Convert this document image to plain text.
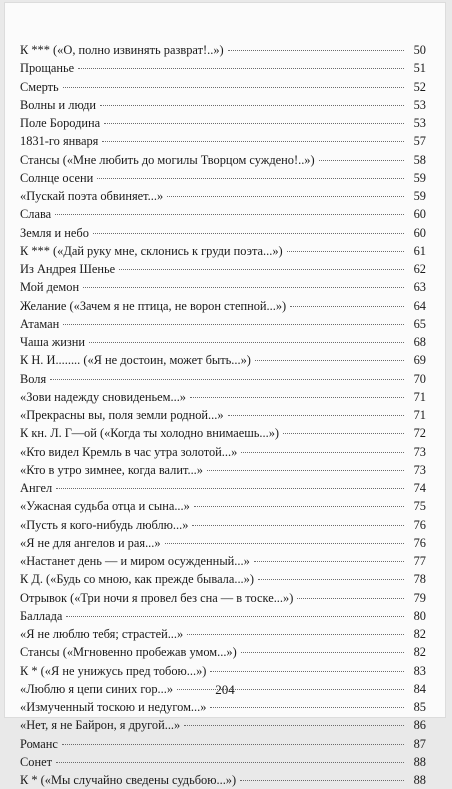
К *** («О, полно извинять разврат!..»)	50
Прощанье	51
Смерть	52
Волны и люди	53
Поле Бородина	53
1831-го января	57
Стансы («Мне любить до могилы Творцом суждено!..»)	58
Солнце осени	59
«Пускай поэта обвиняет...»	59
Слава	60
Земля и небо	60
К *** («Дай руку мне, склонись к груди поэта...»)	61
Из Андрея Шенье	62
Мой демон	63
Желание («Зачем я не птица, не ворон степной...»)	64
Атаман	65
Чаша жизни	68
К Н. И........ («Я не достоин, может быть...»)	69
Воля	70
«Зови надежду сновиденьем...»	71
«Прекрасны вы, поля земли родной...»	71
К кн. Л. Г—ой («Когда ты холодно внимаешь...»)	72
«Кто видел Кремль в час утра золотой...»	73
«Кто в утро зимнее, когда валит...»	73
Ангел	74
«Ужасная судьба отца и сына...»	75
«Пусть я кого-нибудь люблю...»	76
«Я не для ангелов и рая...»	76
«Настанет день — и миром осужденный...»	77
К Д. («Будь со мною, как прежде бывала...»)	78
Отрывок («Три ночи я провел без сна — в тоске...»)	79
Баллада	80
«Я не люблю тебя; страстей...»	82
Стансы («Мгновенно пробежав умом...»)	82
К * («Я не унижусь пред тобою...»)	83
«Люблю я цепи синих гор...»	84
«Измученный тоскою и недугом...»	85
«Нет, я не Байрон, я другой...»	86
Романс	87
Сонет	88
К * («Мы случайно сведены судьбою...»)	88
204
